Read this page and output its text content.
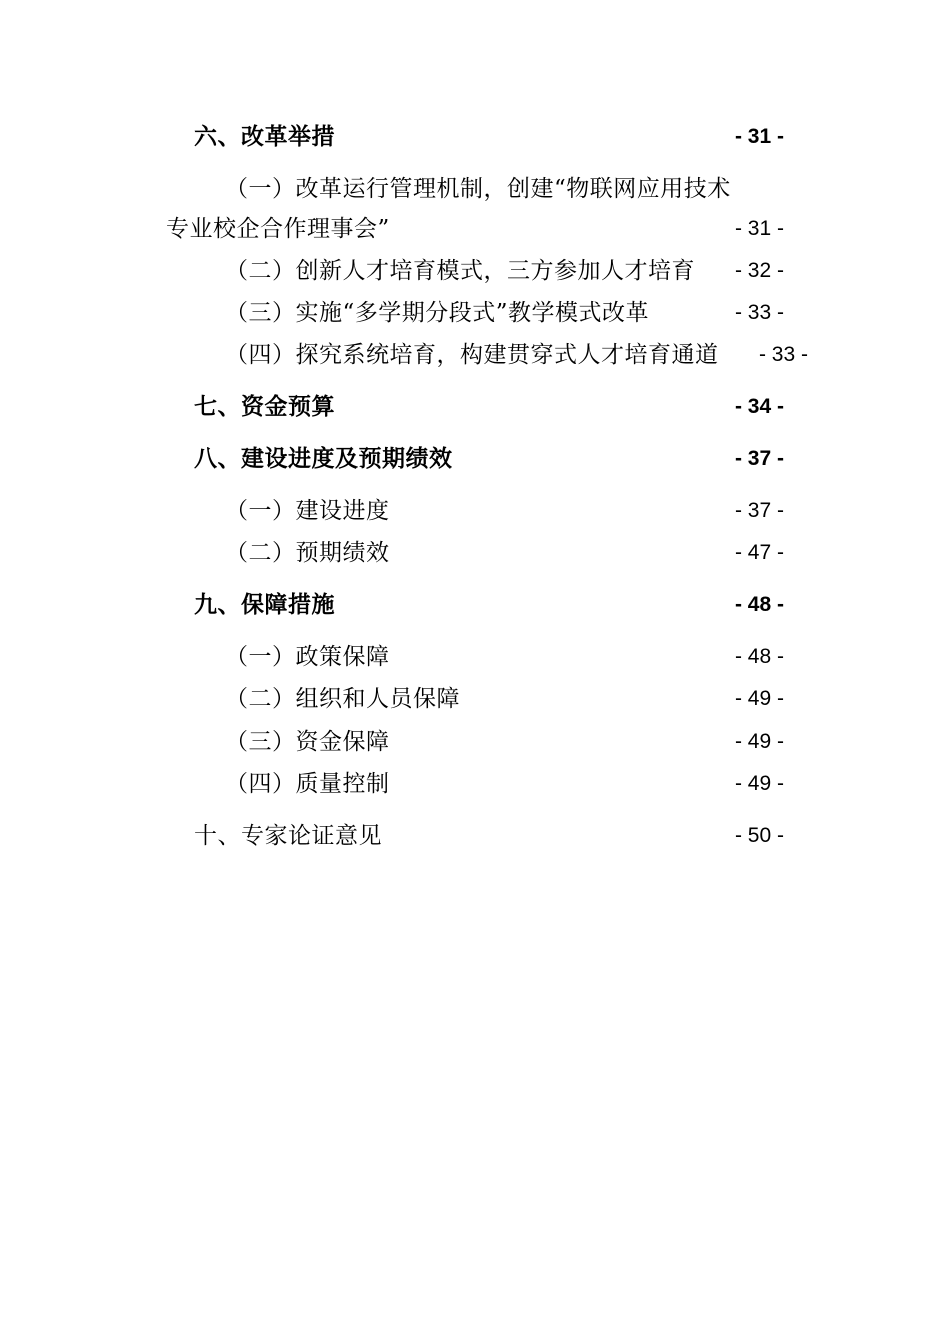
六、改革举措	- 31 -
（一）改革运行管理机制，创建“物联网应用技术
专业校企合作理事会”	- 31 -
（二）创新人才培育模式，三方参加人才培育 - 32 -
（三）实施“多学期分段式”教学模式改革	- 33 -
（四）探究系统培育，构建贯穿式人才培育通道 - 33 -
七、资金预算	- 34 -
八、建设进度及预期绩效	- 37 -
（一）建设进度	- 37 -
（二）预期绩效	- 47 -
九、保障措施	- 48 -
（一）政策保障	- 48 -
（二）组织和人员保障	- 49 -
（三）资金保障	- 49 -
（四）质量控制	- 49 -
十、专家论证意见	- 50 -
